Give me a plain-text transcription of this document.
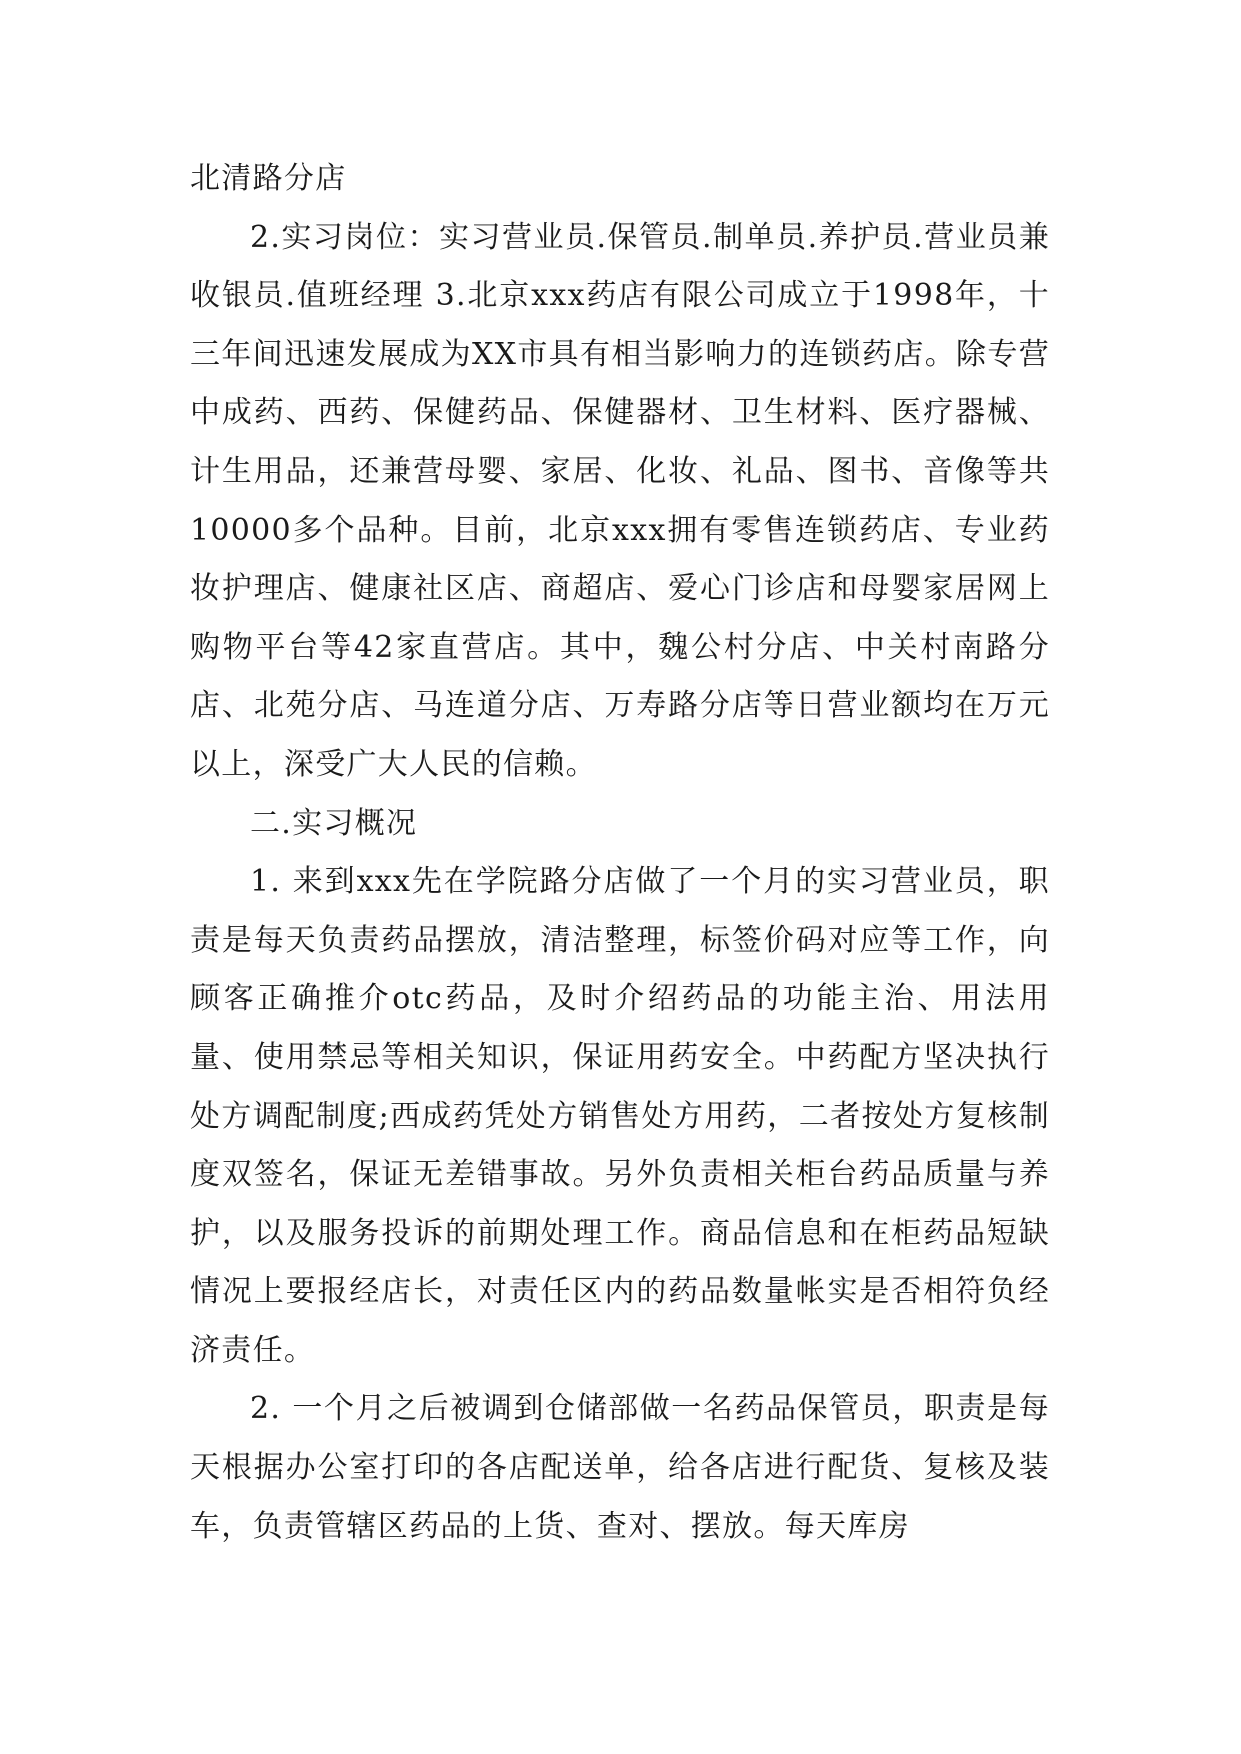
北清路分店

2.实习岗位：实习营业员.保管员.制单员.养护员.营业员兼收银员.值班经理 3.北京xxx药店有限公司成立于1998年，十三年间迅速发展成为XX市具有相当影响力的连锁药店。除专营中成药、西药、保健药品、保健器材、卫生材料、医疗器械、计生用品，还兼营母婴、家居、化妆、礼品、图书、音像等共10000多个品种。目前，北京xxx拥有零售连锁药店、专业药妆护理店、健康社区店、商超店、爱心门诊店和母婴家居网上购物平台等42家直营店。其中，魏公村分店、中关村南路分店、北苑分店、马连道分店、万寿路分店等日营业额均在万元以上，深受广大人民的信赖。

二.实习概况

1. 来到xxx先在学院路分店做了一个月的实习营业员，职责是每天负责药品摆放，清洁整理，标签价码对应等工作，向顾客正确推介otc药品，及时介绍药品的功能主治、用法用量、使用禁忌等相关知识，保证用药安全。中药配方坚决执行处方调配制度;西成药凭处方销售处方用药，二者按处方复核制度双签名，保证无差错事故。另外负责相关柜台药品质量与养护，以及服务投诉的前期处理工作。商品信息和在柜药品短缺情况上要报经店长，对责任区内的药品数量帐实是否相符负经济责任。

2. 一个月之后被调到仓储部做一名药品保管员，职责是每天根据办公室打印的各店配送单，给各店进行配货、复核及装车，负责管辖区药品的上货、查对、摆放。每天库房
